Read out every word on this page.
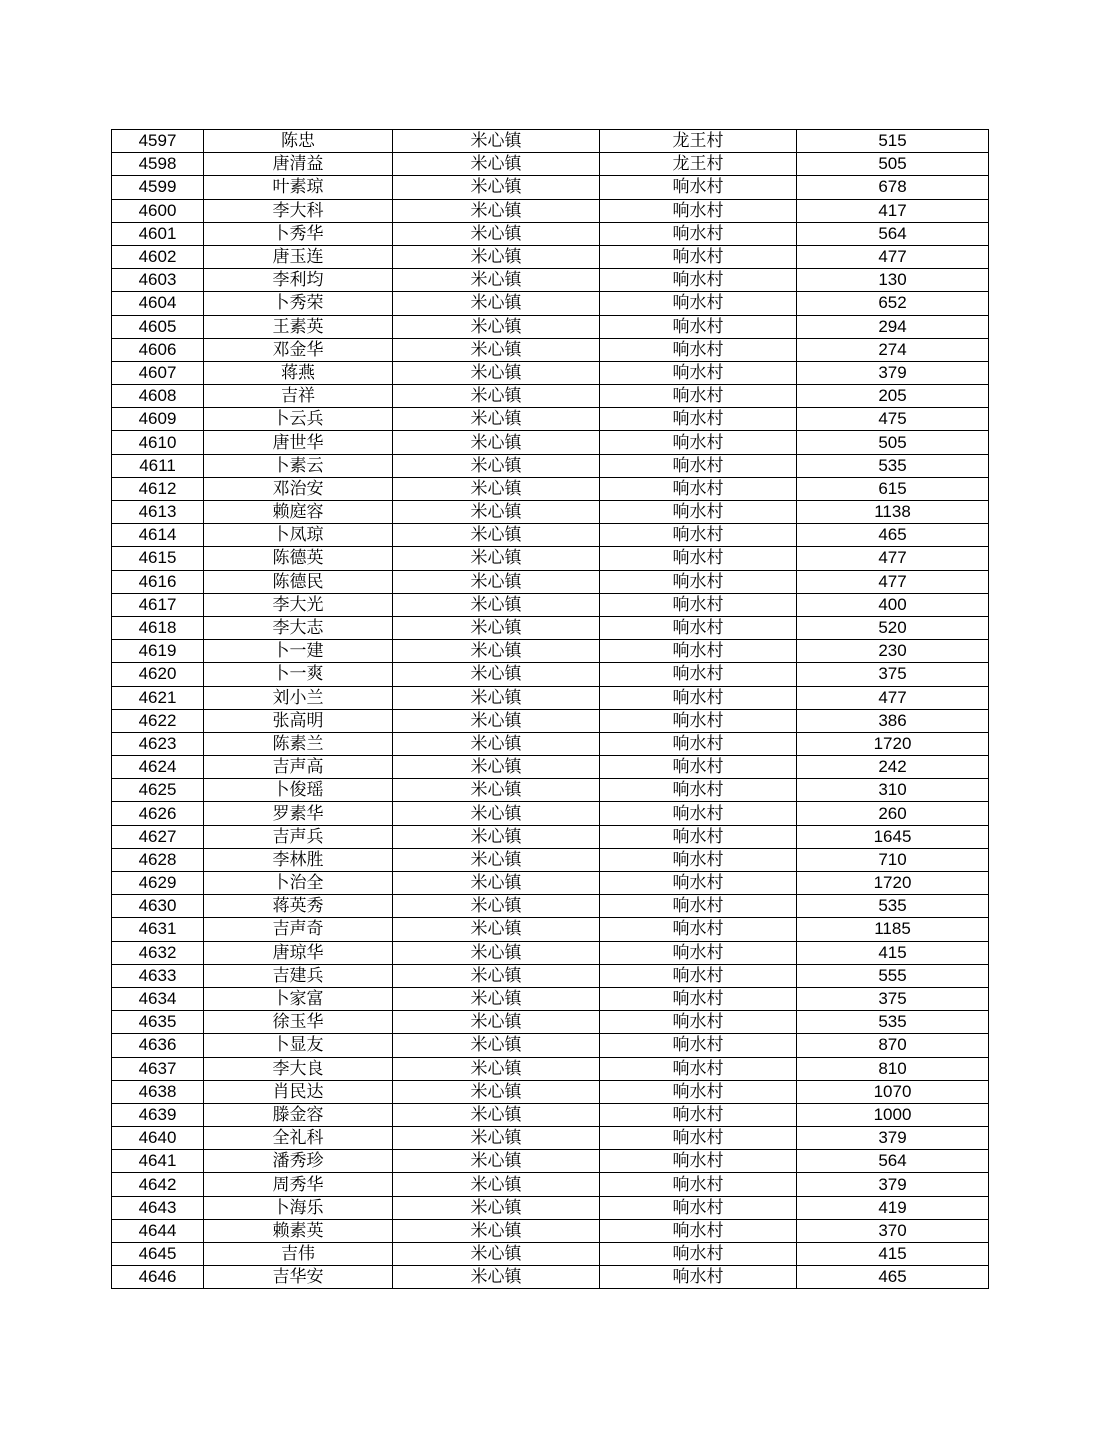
4597	陈忠	米心镇	龙王村	515
4598	唐清益	米心镇	龙王村	505
4599	叶素琼	米心镇	响水村	678
4600	李大科	米心镇	响水村	417
4601	卜秀华	米心镇	响水村	564
4602	唐玉连	米心镇	响水村	477
4603	李利均	米心镇	响水村	130
4604	卜秀荣	米心镇	响水村	652
4605	王素英	米心镇	响水村	294
4606	邓金华	米心镇	响水村	274
4607	蒋燕	米心镇	响水村	379
4608	吉祥	米心镇	响水村	205
4609	卜云兵	米心镇	响水村	475
4610	唐世华	米心镇	响水村	505
4611	卜素云	米心镇	响水村	535
4612	邓治安	米心镇	响水村	615
4613	赖庭容	米心镇	响水村	1138
4614	卜凤琼	米心镇	响水村	465
4615	陈德英	米心镇	响水村	477
4616	陈德民	米心镇	响水村	477
4617	李大光	米心镇	响水村	400
4618	李大志	米心镇	响水村	520
4619	卜一建	米心镇	响水村	230
4620	卜一爽	米心镇	响水村	375
4621	刘小兰	米心镇	响水村	477
4622	张高明	米心镇	响水村	386
4623	陈素兰	米心镇	响水村	1720
4624	吉声高	米心镇	响水村	242
4625	卜俊瑶	米心镇	响水村	310
4626	罗素华	米心镇	响水村	260
4627	吉声兵	米心镇	响水村	1645
4628	李林胜	米心镇	响水村	710
4629	卜治全	米心镇	响水村	1720
4630	蒋英秀	米心镇	响水村	535
4631	吉声奇	米心镇	响水村	1185
4632	唐琼华	米心镇	响水村	415
4633	吉建兵	米心镇	响水村	555
4634	卜家富	米心镇	响水村	375
4635	徐玉华	米心镇	响水村	535
4636	卜显友	米心镇	响水村	870
4637	李大良	米心镇	响水村	810
4638	肖民达	米心镇	响水村	1070
4639	滕金容	米心镇	响水村	1000
4640	全礼科	米心镇	响水村	379
4641	潘秀珍	米心镇	响水村	564
4642	周秀华	米心镇	响水村	379
4643	卜海乐	米心镇	响水村	419
4644	赖素英	米心镇	响水村	370
4645	吉伟	米心镇	响水村	415
4646	吉华安	米心镇	响水村	465
